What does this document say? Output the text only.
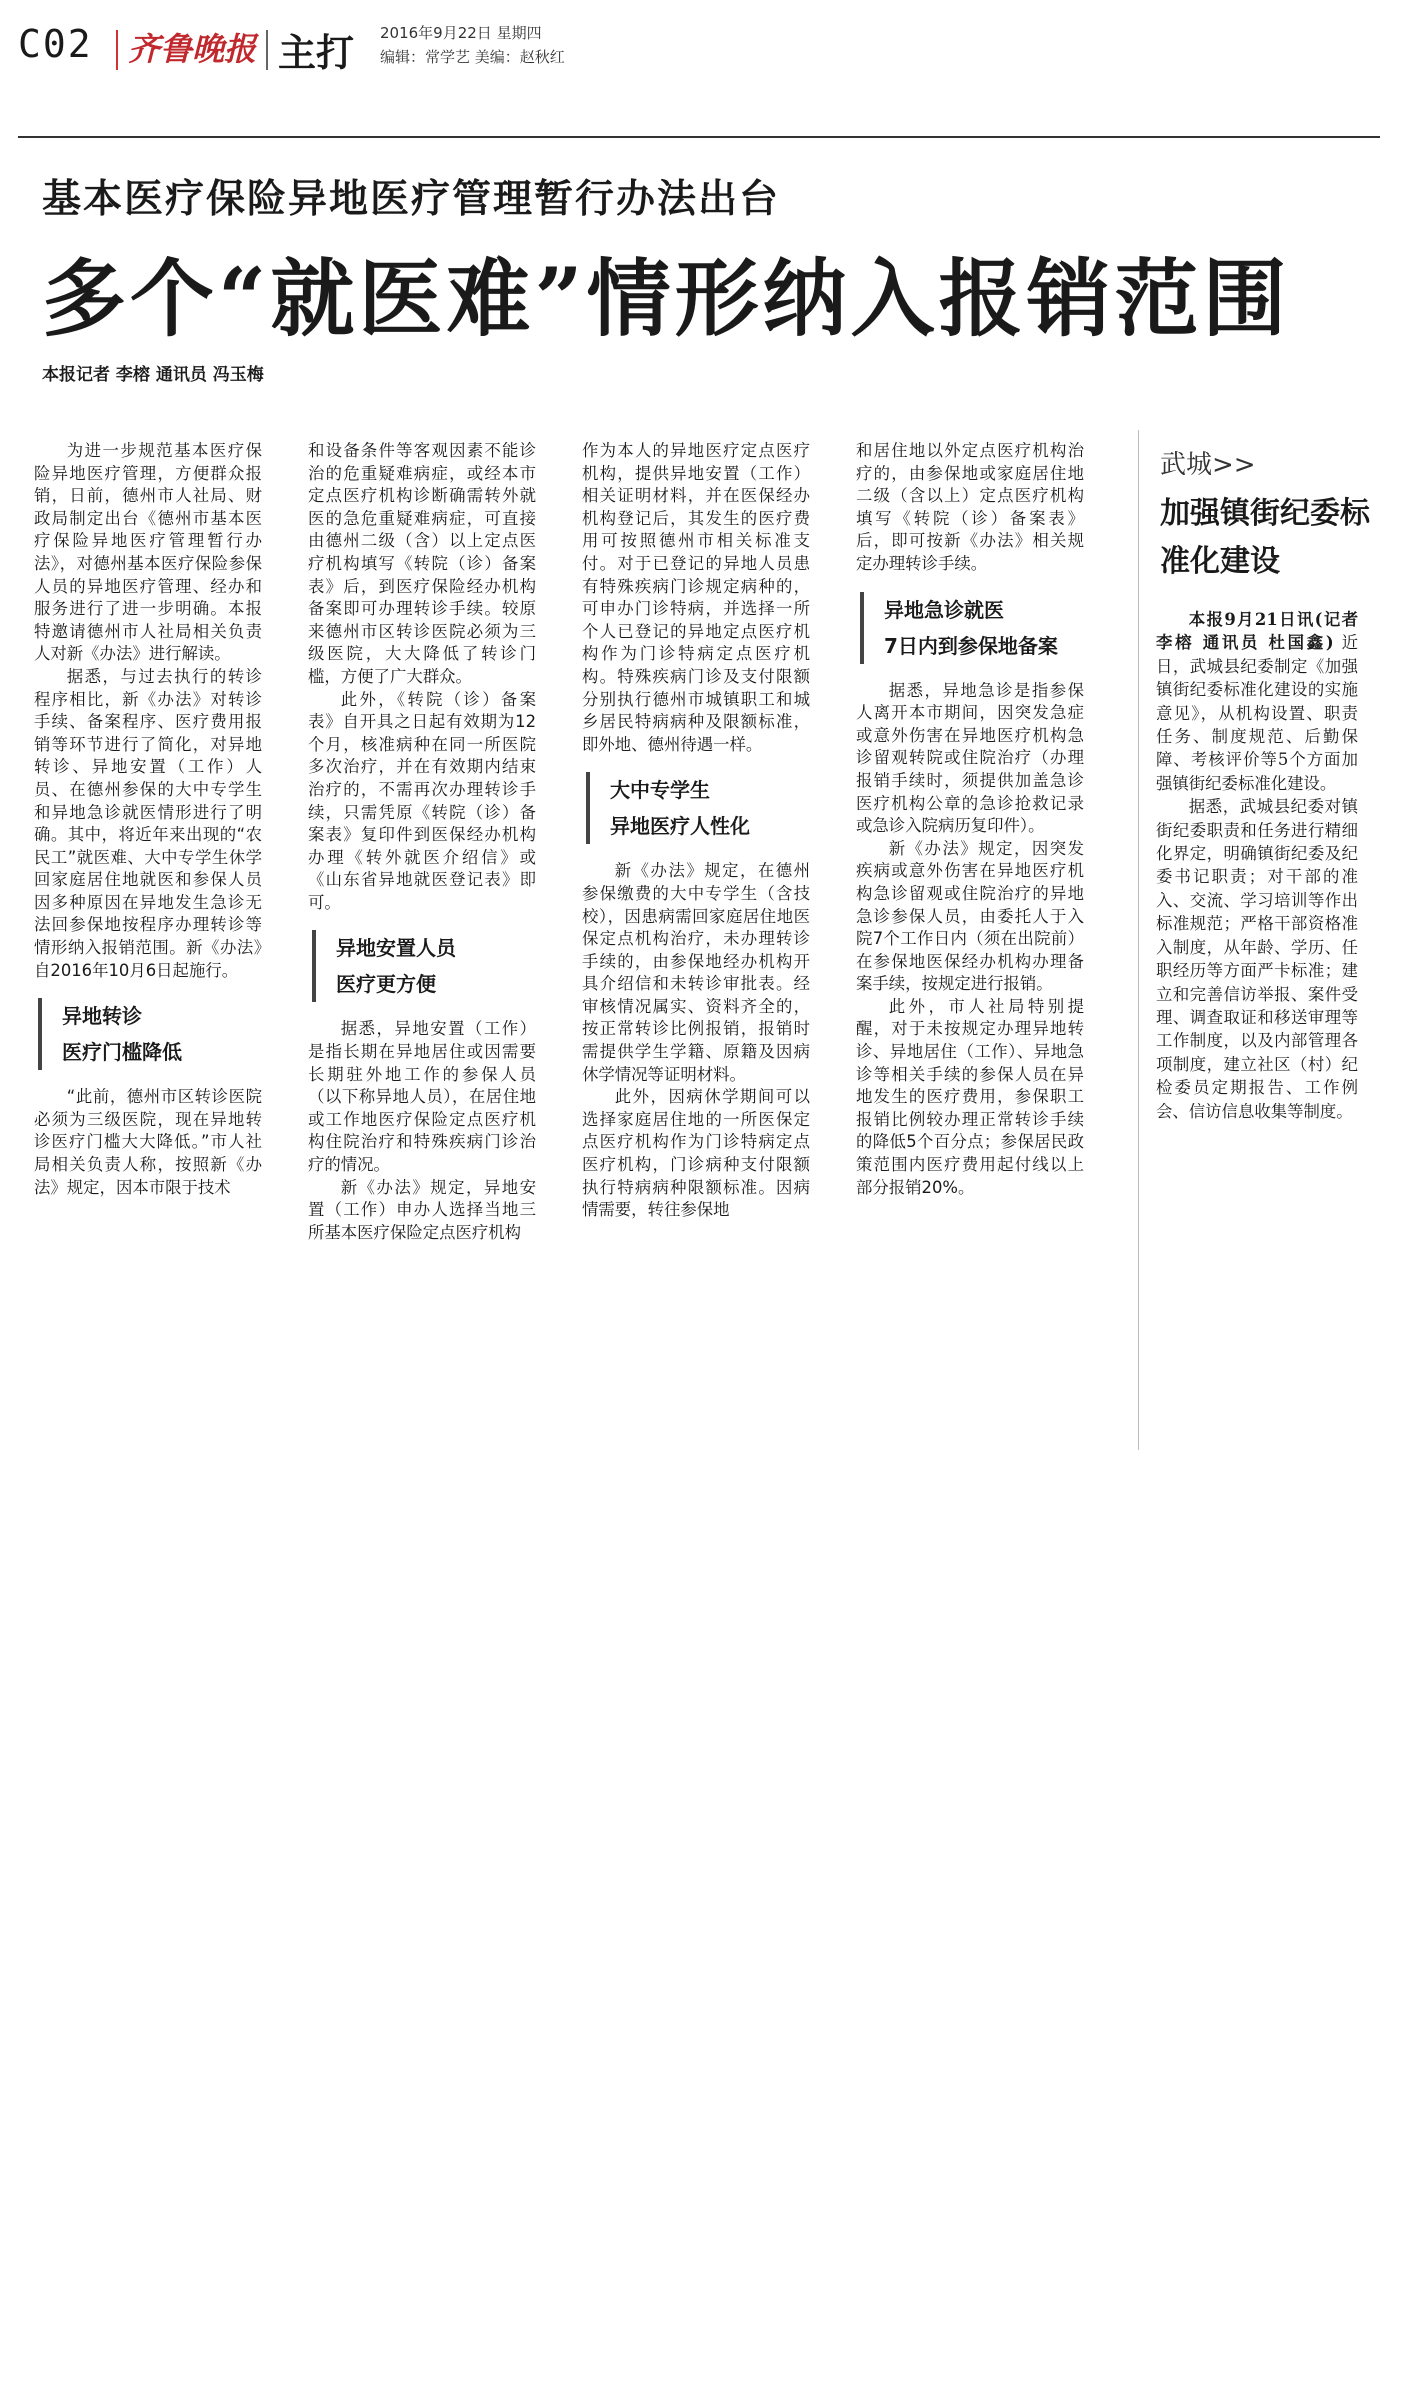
C02 齐鲁晚报 主打 2016年9月22日 星期四
编辑：常学艺 美编：赵秋红
基本医疗保险异地医疗管理暂行办法出台
多个“就医难”情形纳入报销范围
本报记者 李榕 通讯员 冯玉梅

为进一步规范基本医疗保险异地医疗管理，方便群众报销，日前，德州市人社局、财政局制定出台《德州市基本医疗保险异地医疗管理暂行办法》，对德州基本医疗保险参保人员的异地医疗管理、经办和服务进行了进一步明确。本报特邀请德州市人社局相关负责人对新《办法》进行解读。

据悉，与过去执行的转诊程序相比，新《办法》对转诊手续、备案程序、医疗费用报销等环节进行了简化，对异地转诊、异地安置（工作）人员、在德州参保的大中专学生和异地急诊就医情形进行了明确。其中，将近年来出现的“农民工”就医难、大中专学生休学回家庭居住地就医和参保人员因多种原因在异地发生急诊无法回参保地按程序办理转诊等情形纳入报销范围。新《办法》自2016年10月6日起施行。

异地转诊
医疗门槛降低

“此前，德州市区转诊医院必须为三级医院，现在异地转诊医疗门槛大大降低。”市人社局相关负责人称，按照新《办法》规定，因本市限于技术

和设备条件等客观因素不能诊治的危重疑难病症，或经本市定点医疗机构诊断确需转外就医的急危重疑难病症，可直接由德州二级（含）以上定点医疗机构填写《转院（诊）备案表》后，到医疗保险经办机构备案即可办理转诊手续。较原来德州市区转诊医院必须为三级医院，大大降低了转诊门槛，方便了广大群众。

此外，《转院（诊）备案表》自开具之日起有效期为12个月，核准病种在同一所医院多次治疗，并在有效期内结束治疗的，不需再次办理转诊手续，只需凭原《转院（诊）备案表》复印件到医保经办机构办理《转外就医介绍信》或《山东省异地就医登记表》即可。

异地安置人员
医疗更方便

据悉，异地安置（工作）是指长期在异地居住或因需要长期驻外地工作的参保人员（以下称异地人员），在居住地或工作地医疗保险定点医疗机构住院治疗和特殊疾病门诊治疗的情况。

新《办法》规定，异地安置（工作）申办人选择当地三所基本医疗保险定点医疗机构

作为本人的异地医疗定点医疗机构，提供异地安置（工作）相关证明材料，并在医保经办机构登记后，其发生的医疗费用可按照德州市相关标准支付。对于已登记的异地人员患有特殊疾病门诊规定病种的，可申办门诊特病，并选择一所个人已登记的异地定点医疗机构作为门诊特病定点医疗机构。特殊疾病门诊及支付限额分别执行德州市城镇职工和城乡居民特病病种及限额标准，即外地、德州待遇一样。

大中专学生
异地医疗人性化

新《办法》规定，在德州参保缴费的大中专学生（含技校），因患病需回家庭居住地医保定点机构治疗，未办理转诊手续的，由参保地经办机构开具介绍信和未转诊审批表。经审核情况属实、资料齐全的，按正常转诊比例报销，报销时需提供学生学籍、原籍及因病休学情况等证明材料。

此外，因病休学期间可以选择家庭居住地的一所医保定点医疗机构作为门诊特病定点医疗机构，门诊病种支付限额执行特病病种限额标准。因病情需要，转往参保地

和居住地以外定点医疗机构治疗的，由参保地或家庭居住地二级（含以上）定点医疗机构填写《转院（诊）备案表》后，即可按新《办法》相关规定办理转诊手续。

异地急诊就医
7日内到参保地备案

据悉，异地急诊是指参保人离开本市期间，因突发急症或意外伤害在异地医疗机构急诊留观转院或住院治疗（办理报销手续时，须提供加盖急诊医疗机构公章的急诊抢救记录或急诊入院病历复印件）。

新《办法》规定，因突发疾病或意外伤害在异地医疗机构急诊留观或住院治疗的异地急诊参保人员，由委托人于入院7个工作日内（须在出院前）在参保地医保经办机构办理备案手续，按规定进行报销。

此外，市人社局特别提醒，对于未按规定办理异地转诊、异地居住（工作）、异地急诊等相关手续的参保人员在异地发生的医疗费用，参保职工报销比例较办理正常转诊手续的降低5个百分点；参保居民政策范围内医疗费用起付线以上部分报销20%。

武城>>
加强镇街纪委标准化建设

本报9月21日讯(记者 李榕 通讯员 杜国鑫) 近日，武城县纪委制定《加强镇街纪委标准化建设的实施意见》，从机构设置、职责任务、制度规范、后勤保障、考核评价等5个方面加强镇街纪委标准化建设。

据悉，武城县纪委对镇街纪委职责和任务进行精细化界定，明确镇街纪委及纪委书记职责；对干部的准入、交流、学习培训等作出标准规范；严格干部资格准入制度，从年龄、学历、任职经历等方面严卡标准；建立和完善信访举报、案件受理、调查取证和移送审理等工作制度，以及内部管理各项制度，建立社区（村）纪检委员定期报告、工作例会、信访信息收集等制度。
